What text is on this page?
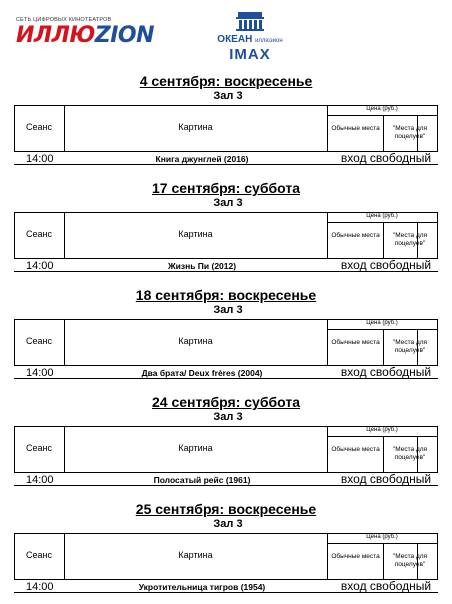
СЕТЬ ЦИФРОВЫХ КИНОТЕАТРОВ
ИЛЛЮZION	ОКЕАН иллюзион
IMAX
4 сентября: воскресенье
Зал 3
Сеанс	Картина
Цена (руб.)
Обычные места	"Места для поцелуев"
14:00	Книга джунглей (2016)	вход свободный
17 сентября: суббота
Зал 3
Сеанс	Картина
Цена (руб.)
Обычные места	"Места для поцелуев"
14:00	Жизнь Пи (2012)	вход свободный
18 сентября: воскресенье
Зал 3
Сеанс	Картина
Цена (руб.)
Обычные места	"Места для поцелуев"
14:00	Два брата/ Deux frères (2004)	вход свободный
24 сентября: суббота
Зал 3
Сеанс	Картина
Цена (руб.)
Обычные места	"Места для поцелуев"
14:00	Полосатый рейс (1961)	вход свободный
25 сентября: воскресенье
Зал 3
Сеанс	Картина
Цена (руб.)
Обычные места	"Места для поцелуев"
14:00	Укротительница тигров (1954)	вход свободный
